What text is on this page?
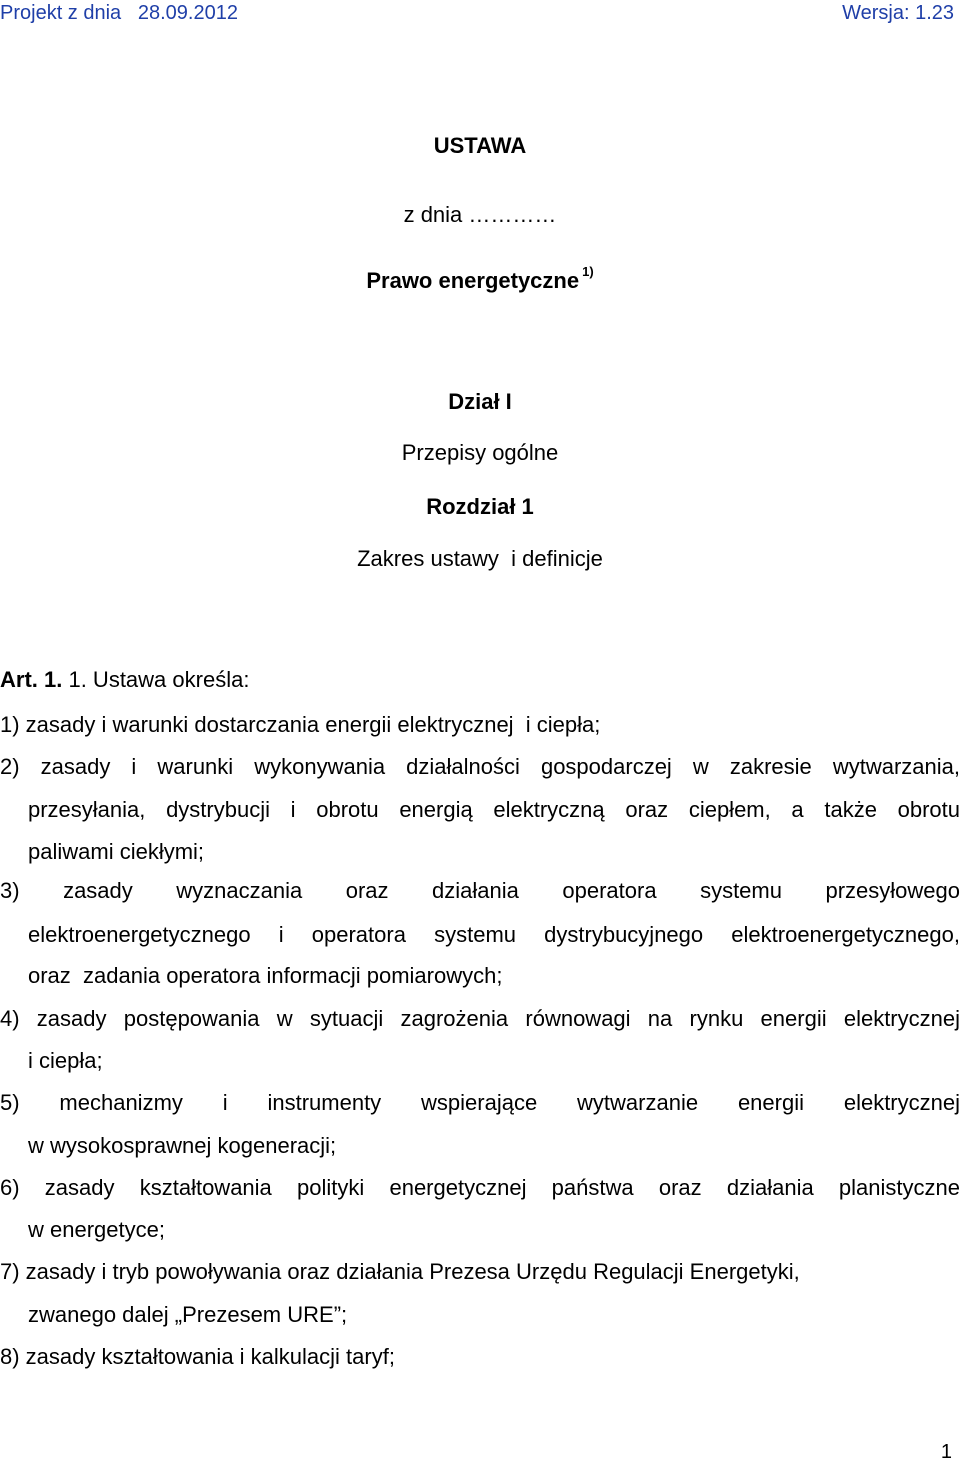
Projekt z dnia   28.09.2012	Wersja: 1.23
USTAWA
z dnia …………
Prawo energetyczne $^{1)}$
Dział I
Przepisy ogólne
Rozdział 1
Zakres ustawy  i definicje
Art. 1. 1. Ustawa określa:
1) zasady i warunki dostarczania energii elektrycznej  i ciepła;
2) zasady i warunki wykonywania działalności gospodarczej w zakresie wytwarzania,
przesyłania, dystrybucji i obrotu energią elektryczną oraz ciepłem, a także obrotu
paliwami ciekłymi;
3) zasady wyznaczania oraz działania operatora systemu przesyłowego
elektroenergetycznego i operatora systemu dystrybucyjnego elektroenergetycznego,
oraz  zadania operatora informacji pomiarowych;
4) zasady postępowania w sytuacji zagrożenia równowagi na rynku energii elektrycznej
i ciepła;
5) mechanizmy i instrumenty wspierające wytwarzanie energii elektrycznej
w wysokosprawnej kogeneracji;
6) zasady kształtowania polityki energetycznej państwa oraz działania planistyczne
w energetyce;
7) zasady i tryb powoływania oraz działania Prezesa Urzędu Regulacji Energetyki,
zwanego dalej „Prezesem URE”;
8) zasady kształtowania i kalkulacji taryf;
1
